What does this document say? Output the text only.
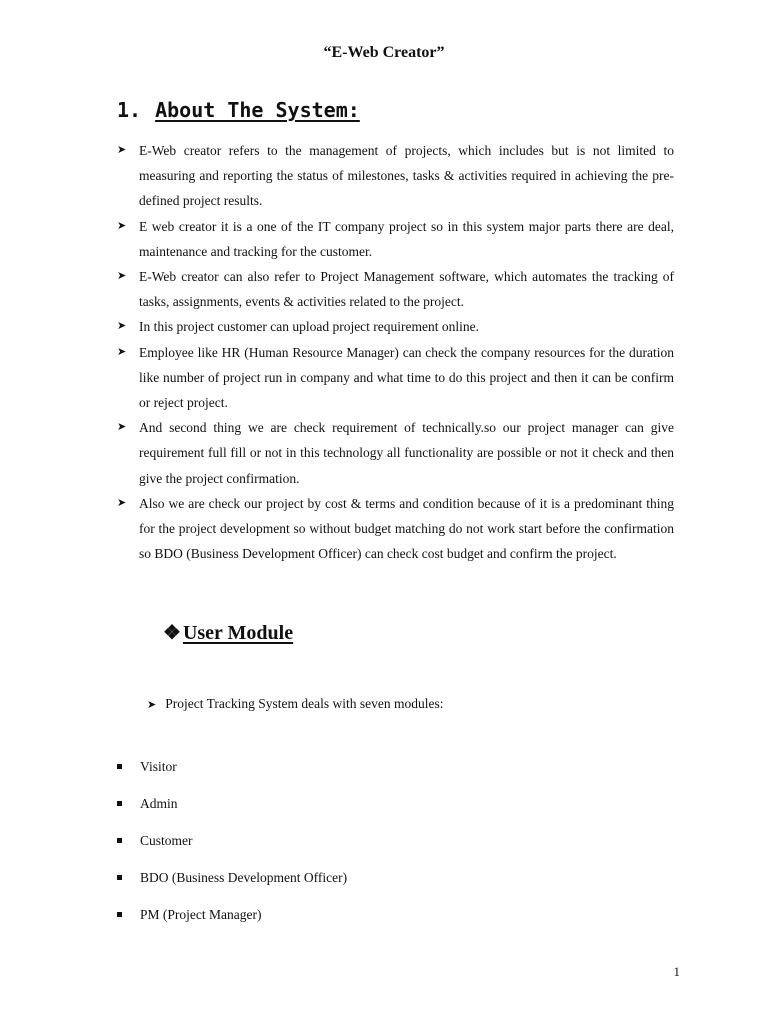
“E-Web Creator”
1. About The System:
➤ E-Web creator refers to the management of projects, which includes but is not limited to measuring and reporting the status of milestones, tasks & activities required in achieving the pre-defined project results.
➤ E web creator it is a one of the IT company project so in this system major parts there are deal, maintenance and tracking for the customer.
➤ E-Web creator can also refer to Project Management software, which automates the tracking of tasks, assignments, events & activities related to the project.
➤ In this project customer can upload project requirement online.
➤ Employee like HR (Human Resource Manager) can check the company resources for the duration like number of project run in company and what time to do this project and then it can be confirm or reject project.
➤ And second thing we are check requirement of technically.so our project manager can give requirement full fill or not in this technology all functionality are possible or not it check and then give the project confirmation.
➤ Also we are check our project by cost & terms and condition because of it is a predominant thing for the project development so without budget matching do not work start before the confirmation so BDO (Business Development Officer) can check cost budget and confirm the project.
❖ User Module
➤ Project Tracking System deals with seven modules:
Visitor
Admin
Customer
BDO (Business Development Officer)
PM (Project Manager)
1
